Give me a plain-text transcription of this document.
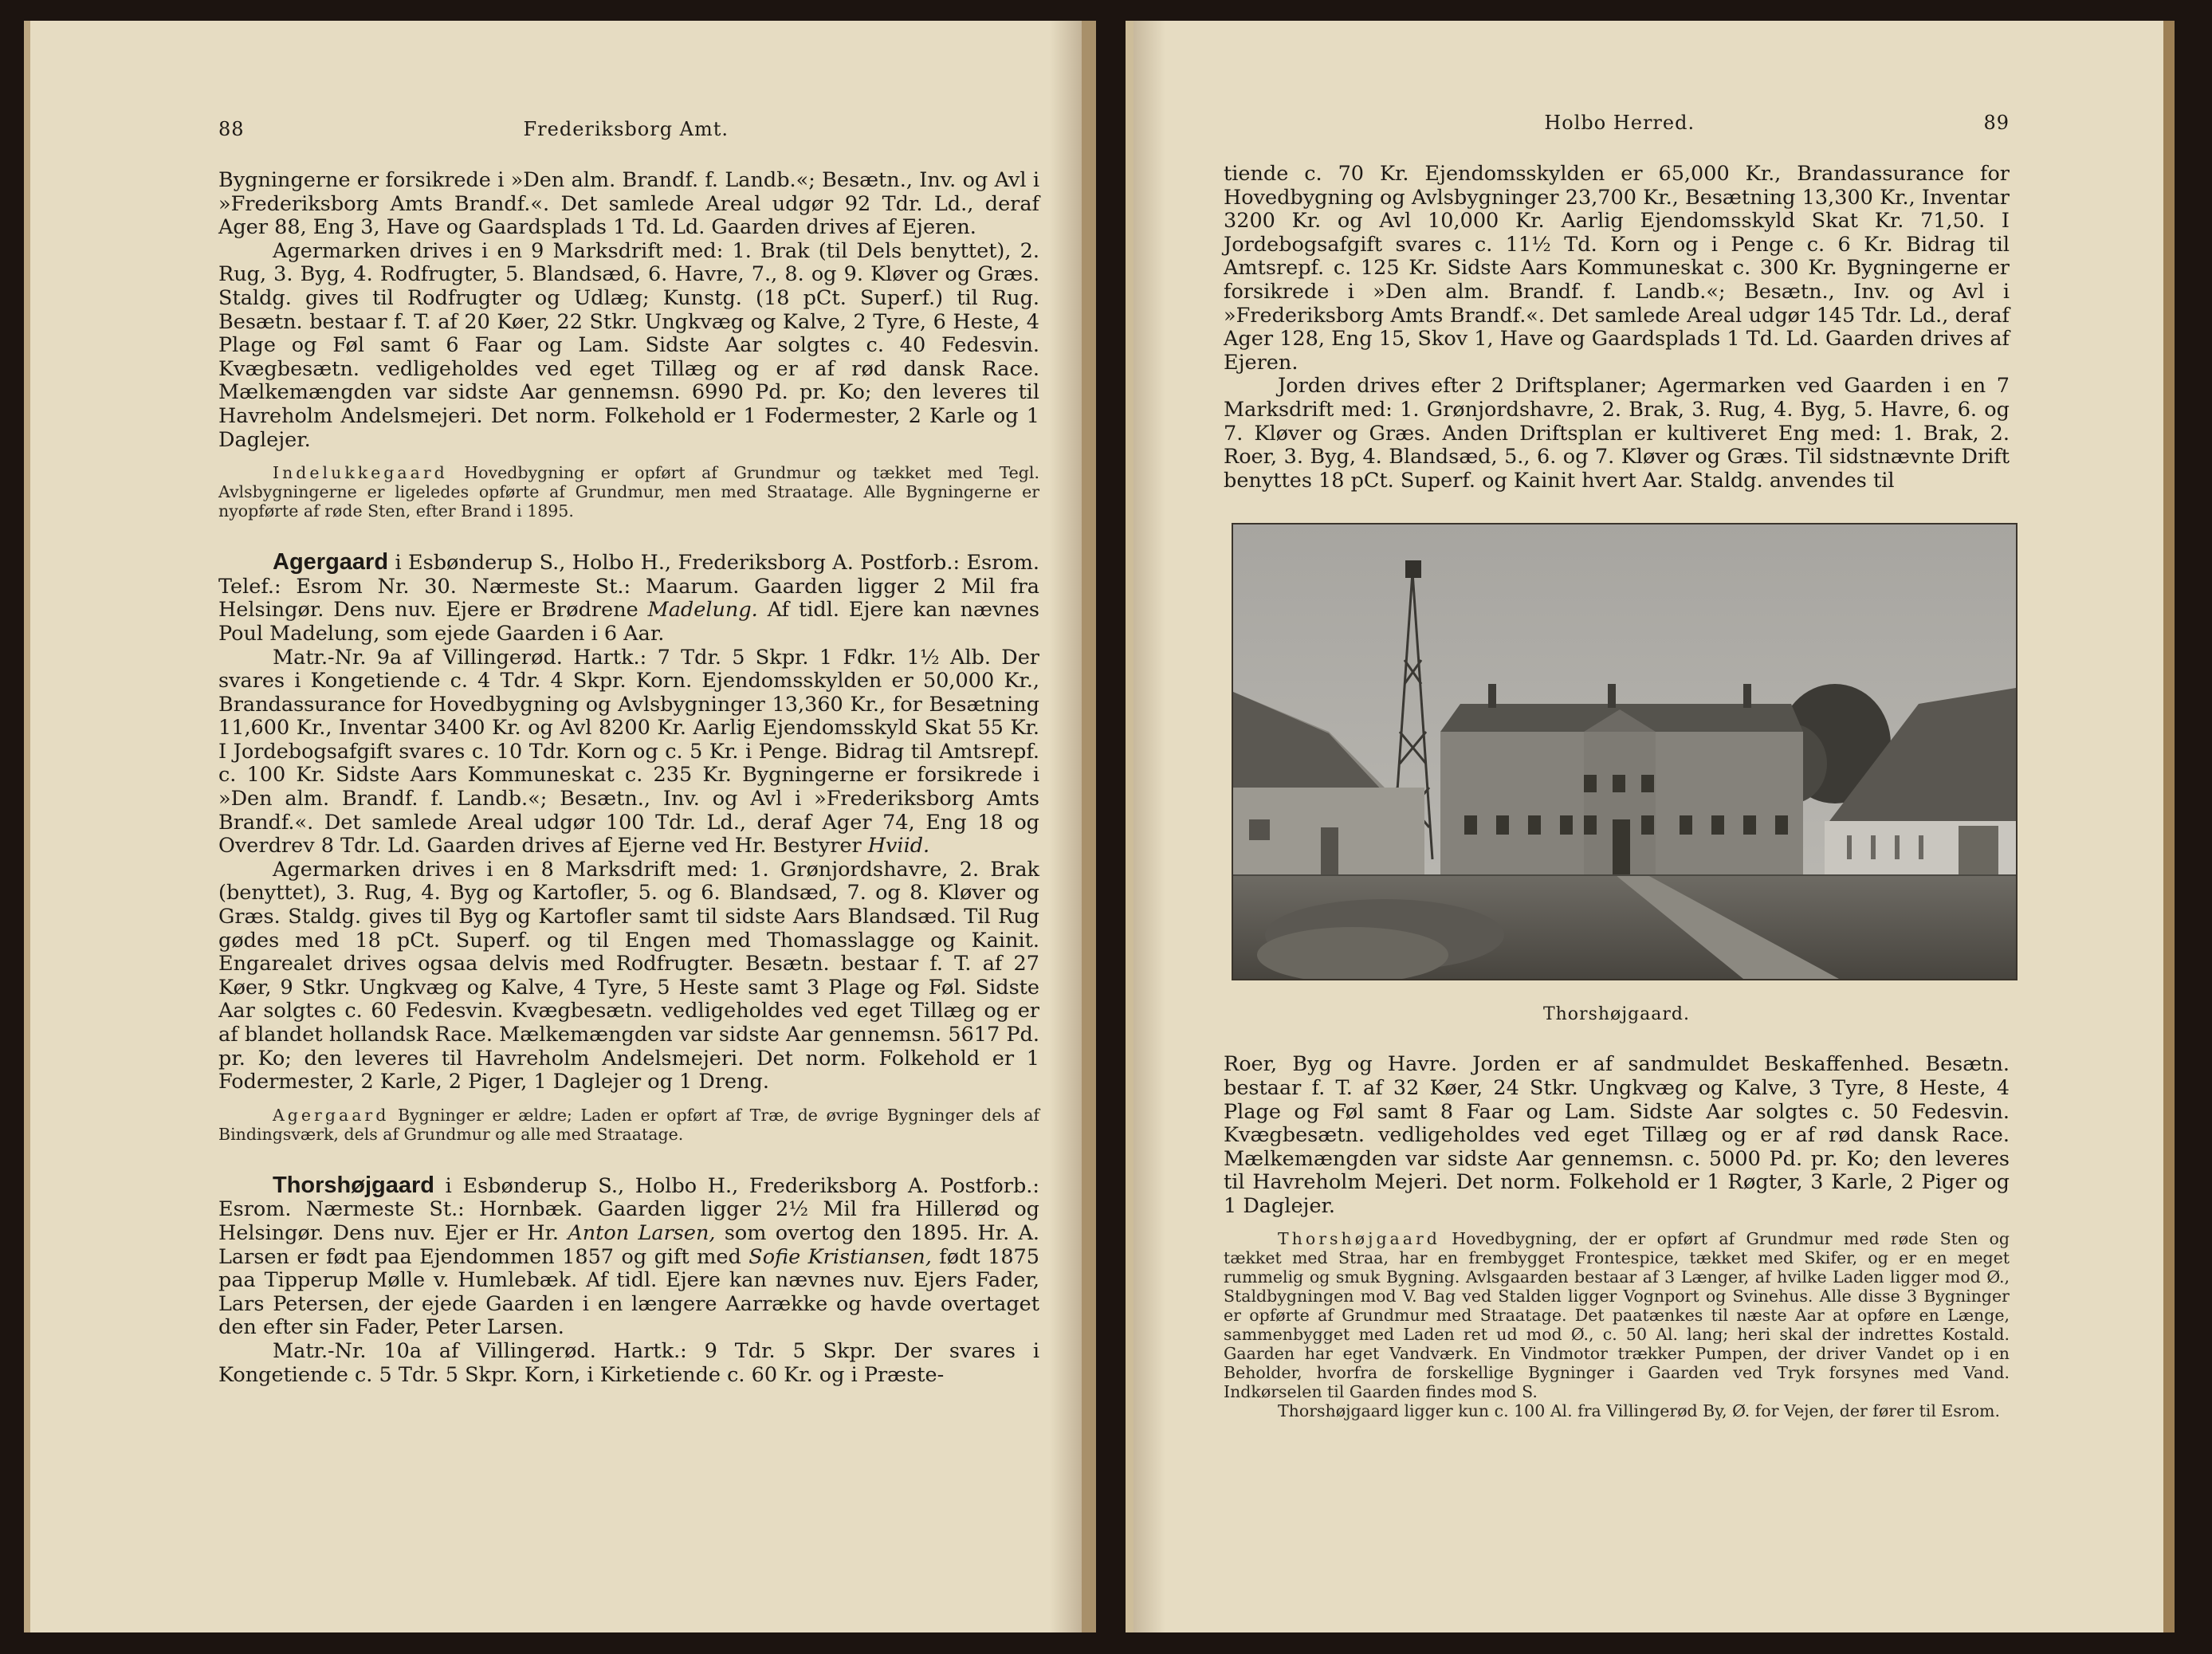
88	Frederiksborg Amt.

Bygningerne er forsikrede i »Den alm. Brandf. f. Landb.«; Besætn., Inv. og Avl i »Frederiksborg Amts Brandf.«. Det samlede Areal udgør 92 Tdr. Ld., deraf Ager 88, Eng 3, Have og Gaardsplads 1 Td. Ld. Gaarden drives af Ejeren.

Agermarken drives i en 9 Marksdrift med: 1. Brak (til Dels benyttet), 2. Rug, 3. Byg, 4. Rodfrugter, 5. Blandsæd, 6. Havre, 7., 8. og 9. Kløver og Græs. Staldg. gives til Rodfrugter og Udlæg; Kunstg. (18 pCt. Superf.) til Rug. Besætn. bestaar f. T. af 20 Køer, 22 Stkr. Ungkvæg og Kalve, 2 Tyre, 6 Heste, 4 Plage og Føl samt 6 Faar og Lam. Sidste Aar solgtes c. 40 Fedesvin. Kvægbesætn. vedligeholdes ved eget Tillæg og er af rød dansk Race. Mælkemængden var sidste Aar gennemsn. 6990 Pd. pr. Ko; den leveres til Havreholm Andelsmejeri. Det norm. Folkehold er 1 Fodermester, 2 Karle og 1 Daglejer.

Indelukkegaard Hovedbygning er opført af Grundmur og tækket med Tegl. Avlsbygningerne er ligeledes opførte af Grundmur, men med Straatage. Alle Bygningerne er nyopførte af røde Sten, efter Brand i 1895.

Agergaard i Esbønderup S., Holbo H., Frederiksborg A. Postforb.: Esrom. Telef.: Esrom Nr. 30. Nærmeste St.: Maarum. Gaarden ligger 2 Mil fra Helsingør. Dens nuv. Ejere er Brødrene Madelung. Af tidl. Ejere kan nævnes Poul Madelung, som ejede Gaarden i 6 Aar.

Matr.-Nr. 9a af Villingerød. Hartk.: 7 Tdr. 5 Skpr. 1 Fdkr. 1½ Alb. Der svares i Kongetiende c. 4 Tdr. 4 Skpr. Korn. Ejendomsskylden er 50,000 Kr., Brandassurance for Hovedbygning og Avlsbygninger 13,360 Kr., for Besætning 11,600 Kr., Inventar 3400 Kr. og Avl 8200 Kr. Aarlig Ejendomsskyld Skat 55 Kr. I Jordebogsafgift svares c. 10 Tdr. Korn og c. 5 Kr. i Penge. Bidrag til Amtsrepf. c. 100 Kr. Sidste Aars Kommuneskat c. 235 Kr. Bygningerne er forsikrede i »Den alm. Brandf. f. Landb.«; Besætn., Inv. og Avl i »Frederiksborg Amts Brandf.«. Det samlede Areal udgør 100 Tdr. Ld., deraf Ager 74, Eng 18 og Overdrev 8 Tdr. Ld. Gaarden drives af Ejerne ved Hr. Bestyrer Hviid.

Agermarken drives i en 8 Marksdrift med: 1. Grønjordshavre, 2. Brak (benyttet), 3. Rug, 4. Byg og Kartofler, 5. og 6. Blandsæd, 7. og 8. Kløver og Græs. Staldg. gives til Byg og Kartofler samt til sidste Aars Blandsæd. Til Rug gødes med 18 pCt. Superf. og til Engen med Thomasslagge og Kainit. Engarealet drives ogsaa delvis med Rodfrugter. Besætn. bestaar f. T. af 27 Køer, 9 Stkr. Ungkvæg og Kalve, 4 Tyre, 5 Heste samt 3 Plage og Føl. Sidste Aar solgtes c. 60 Fedesvin. Kvægbesætn. vedligeholdes ved eget Tillæg og er af blandet hollandsk Race. Mælkemængden var sidste Aar gennemsn. 5617 Pd. pr. Ko; den leveres til Havreholm Andelsmejeri. Det norm. Folkehold er 1 Fodermester, 2 Karle, 2 Piger, 1 Daglejer og 1 Dreng.

Agergaard Bygninger er ældre; Laden er opført af Træ, de øvrige Bygninger dels af Bindingsværk, dels af Grundmur og alle med Straatage.

Thorshøjgaard i Esbønderup S., Holbo H., Frederiksborg A. Postforb.: Esrom. Nærmeste St.: Hornbæk. Gaarden ligger 2½ Mil fra Hillerød og Helsingør. Dens nuv. Ejer er Hr. Anton Larsen, som overtog den 1895. Hr. A. Larsen er født paa Ejendommen 1857 og gift med Sofie Kristiansen, født 1875 paa Tipperup Mølle v. Humlebæk. Af tidl. Ejere kan nævnes nuv. Ejers Fader, Lars Petersen, der ejede Gaarden i en længere Aarrække og havde overtaget den efter sin Fader, Peter Larsen.

Matr.-Nr. 10a af Villingerød. Hartk.: 9 Tdr. 5 Skpr. Der svares i Kongetiende c. 5 Tdr. 5 Skpr. Korn, i Kirketiende c. 60 Kr. og i Præste-

Holbo Herred.	89

tiende c. 70 Kr. Ejendomsskylden er 65,000 Kr., Brandassurance for Hovedbygning og Avlsbygninger 23,700 Kr., Besætning 13,300 Kr., Inventar 3200 Kr. og Avl 10,000 Kr. Aarlig Ejendomsskyld Skat Kr. 71,50. I Jordebogsafgift svares c. 11½ Td. Korn og i Penge c. 6 Kr. Bidrag til Amtsrepf. c. 125 Kr. Sidste Aars Kommuneskat c. 300 Kr. Bygningerne er forsikrede i »Den alm. Brandf. f. Landb.«; Besætn., Inv. og Avl i »Frederiksborg Amts Brandf.«. Det samlede Areal udgør 145 Tdr. Ld., deraf Ager 128, Eng 15, Skov 1, Have og Gaardsplads 1 Td. Ld. Gaarden drives af Ejeren.

Jorden drives efter 2 Driftsplaner; Agermarken ved Gaarden i en 7 Marksdrift med: 1. Grønjordshavre, 2. Brak, 3. Rug, 4. Byg, 5. Havre, 6. og 7. Kløver og Græs. Anden Driftsplan er kultiveret Eng med: 1. Brak, 2. Roer, 3. Byg, 4. Blandsæd, 5., 6. og 7. Kløver og Græs. Til sidstnævnte Drift benyttes 18 pCt. Superf. og Kainit hvert Aar. Staldg. anvendes til

Thorshøjgaard.

Roer, Byg og Havre. Jorden er af sandmuldet Beskaffenhed. Besætn. bestaar f. T. af 32 Køer, 24 Stkr. Ungkvæg og Kalve, 3 Tyre, 8 Heste, 4 Plage og Føl samt 8 Faar og Lam. Sidste Aar solgtes c. 50 Fedesvin. Kvægbesætn. vedligeholdes ved eget Tillæg og er af rød dansk Race. Mælkemængden var sidste Aar gennemsn. c. 5000 Pd. pr. Ko; den leveres til Havreholm Mejeri. Det norm. Folkehold er 1 Røgter, 3 Karle, 2 Piger og 1 Daglejer.

Thorshøjgaard Hovedbygning, der er opført af Grundmur med røde Sten og tækket med Straa, har en frembygget Frontespice, tækket med Skifer, og er en meget rummelig og smuk Bygning. Avlsgaarden bestaar af 3 Længer, af hvilke Laden ligger mod Ø., Staldbygningen mod V. Bag ved Stalden ligger Vognport og Svinehus. Alle disse 3 Bygninger er opførte af Grundmur med Straatage. Det paatænkes til næste Aar at opføre en Længe, sammenbygget med Laden ret ud mod Ø., c. 50 Al. lang; heri skal der indrettes Kostald. Gaarden har eget Vandværk. En Vindmotor trækker Pumpen, der driver Vandet op i en Beholder, hvorfra de forskellige Bygninger i Gaarden ved Tryk forsynes med Vand. Indkørselen til Gaarden findes mod S.

Thorshøjgaard ligger kun c. 100 Al. fra Villingerød By, Ø. for Vejen, der fører til Esrom.
